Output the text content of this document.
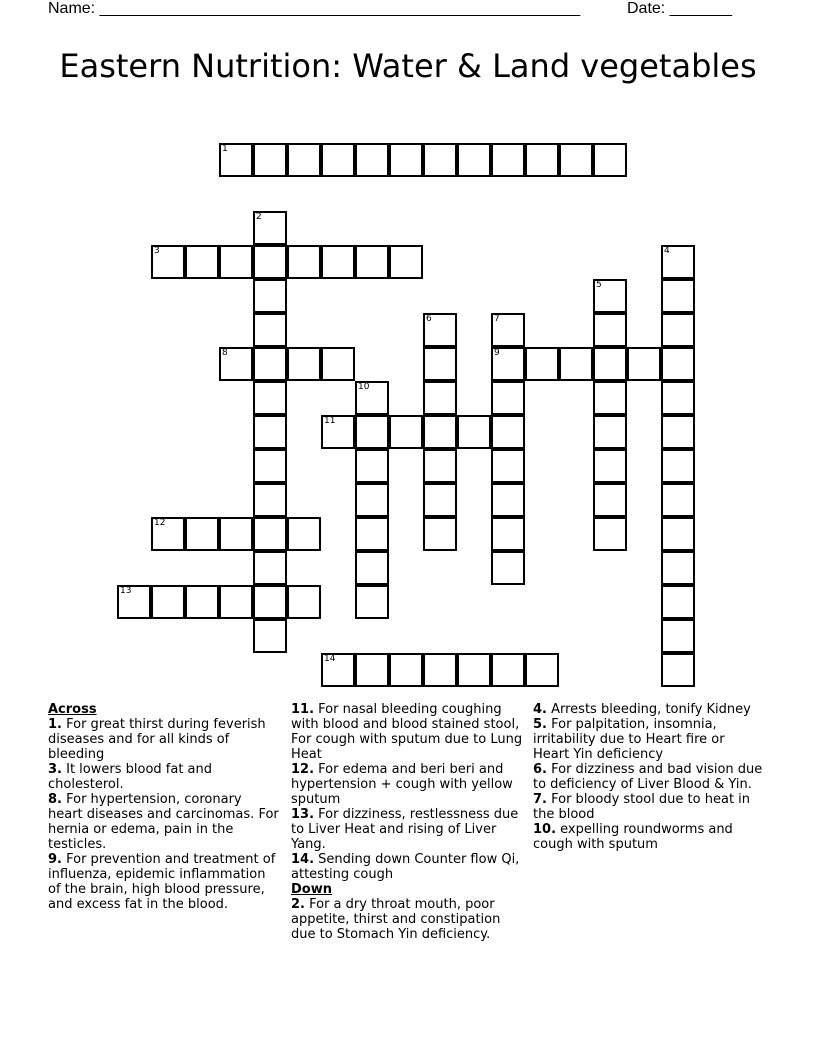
Name: ______________________________________________________	Date: _______
Eastern Nutrition: Water & Land vegetables
1
2
3	4
5
6	7
8	9
10
11
12
13
14
Across
1. For great thirst during feverish diseases and for all kinds of bleeding
3. It lowers blood fat and cholesterol.
8. For hypertension, coronary heart diseases and carcinomas. For hernia or edema, pain in the testicles.
9. For prevention and treatment of influenza, epidemic inflammation of the brain, high blood pressure, and excess fat in the blood.
11. For nasal bleeding coughing with blood and blood stained stool, For cough with sputum due to Lung Heat
12. For edema and beri beri and hypertension + cough with yellow sputum
13. For dizziness, restlessness due to Liver Heat and rising of Liver Yang.
14. Sending down Counter flow Qi, attesting cough
Down
2. For a dry throat mouth, poor appetite, thirst and constipation due to Stomach Yin deficiency.
4. Arrests bleeding, tonify Kidney
5. For palpitation, insomnia, irritability due to Heart fire or Heart Yin deficiency
6. For dizziness and bad vision due to deficiency of Liver Blood & Yin.
7. For bloody stool due to heat in the blood
10. expelling roundworms and cough with sputum
